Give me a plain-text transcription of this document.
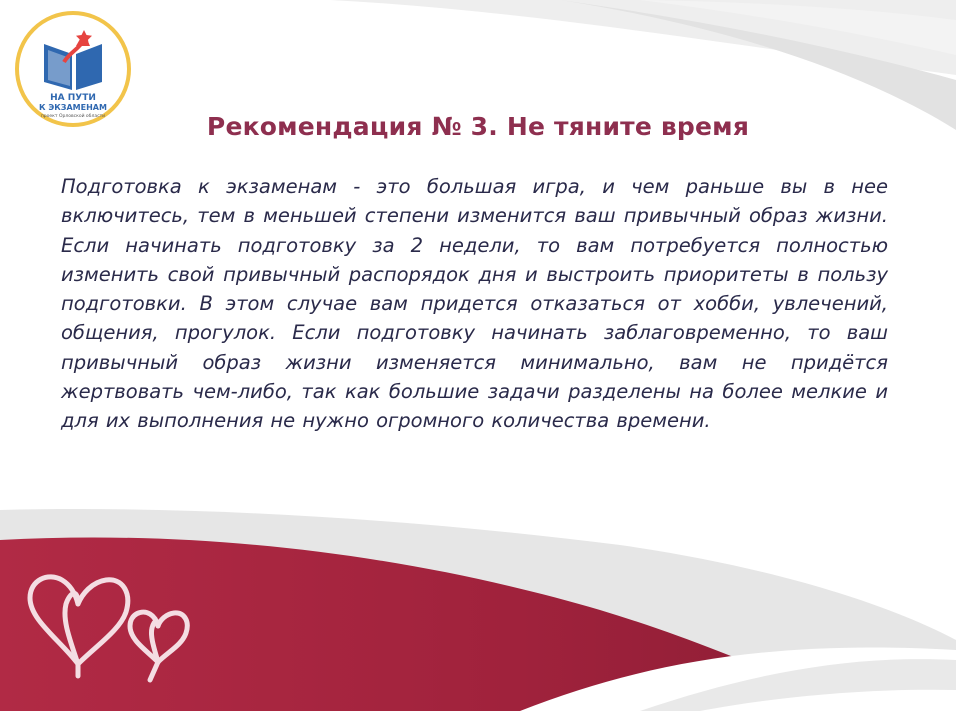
НА ПУТИ
К ЭКЗАМЕНАМ
проект Орловской области	Рекомендация № 3. Не тяните время

Подготовка к экзаменам - это большая игра, и чем раньше вы в нее включитесь, тем в меньшей степени изменится ваш привычный образ жизни. Если начинать подготовку за 2 недели, то вам потребуется полностью изменить свой привычный распорядок дня и выстроить приоритеты в пользу подготовки. В этом случае вам придется отказаться от хобби, увлечений, общения, прогулок. Если подготовку начинать заблаговременно, то ваш привычный образ жизни изменяется минимально, вам не придётся жертвовать чем-либо, так как большие задачи разделены на более мелкие и для их выполнения не нужно огромного количества времени.
